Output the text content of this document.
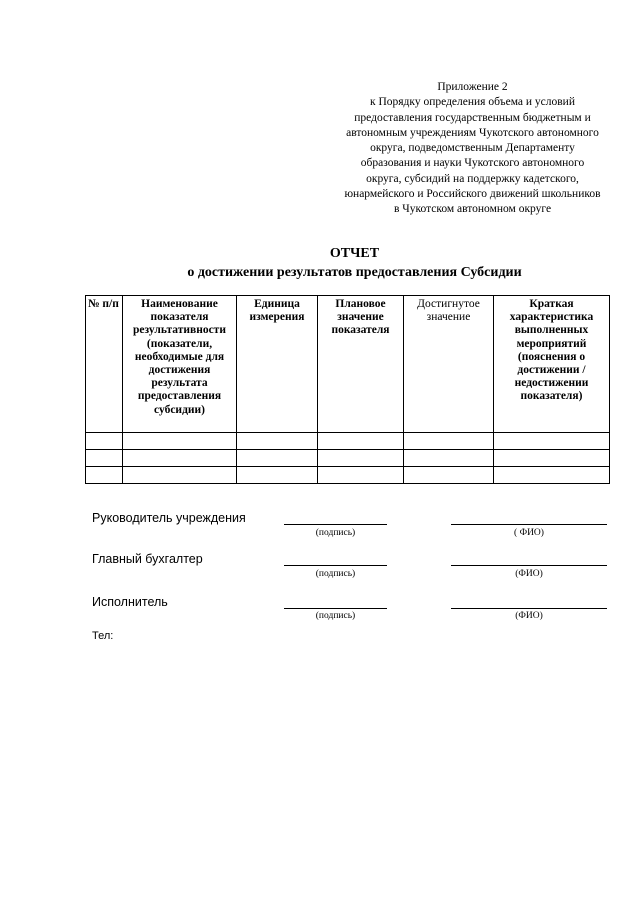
Приложение 2
к Порядку определения объема и условий
предоставления государственным бюджетным и
автономным учреждениям Чукотского автономного
округа, подведомственным Департаменту
образования и науки Чукотского автономного
округа, субсидий на поддержку кадетского,
юнармейского и Российского движений школьников
в Чукотском автономном округе
ОТЧЕТ
о достижении результатов предоставления Субсидии
№ п/п	Наименование показателя результативности (показатели, необходимые для достижения результата предоставления субсидии)	Единица измерения	Плановое значение показателя	Достигнутое значение	Краткая характеристика выполненных мероприятий (пояснения о достижении /недостижении показателя)

Руководитель учреждения
(подпись)	( ФИО)
Главный бухгалтер
(подпись)	(ФИО)
Исполнитель
(подпись)	(ФИО)
Тел:
